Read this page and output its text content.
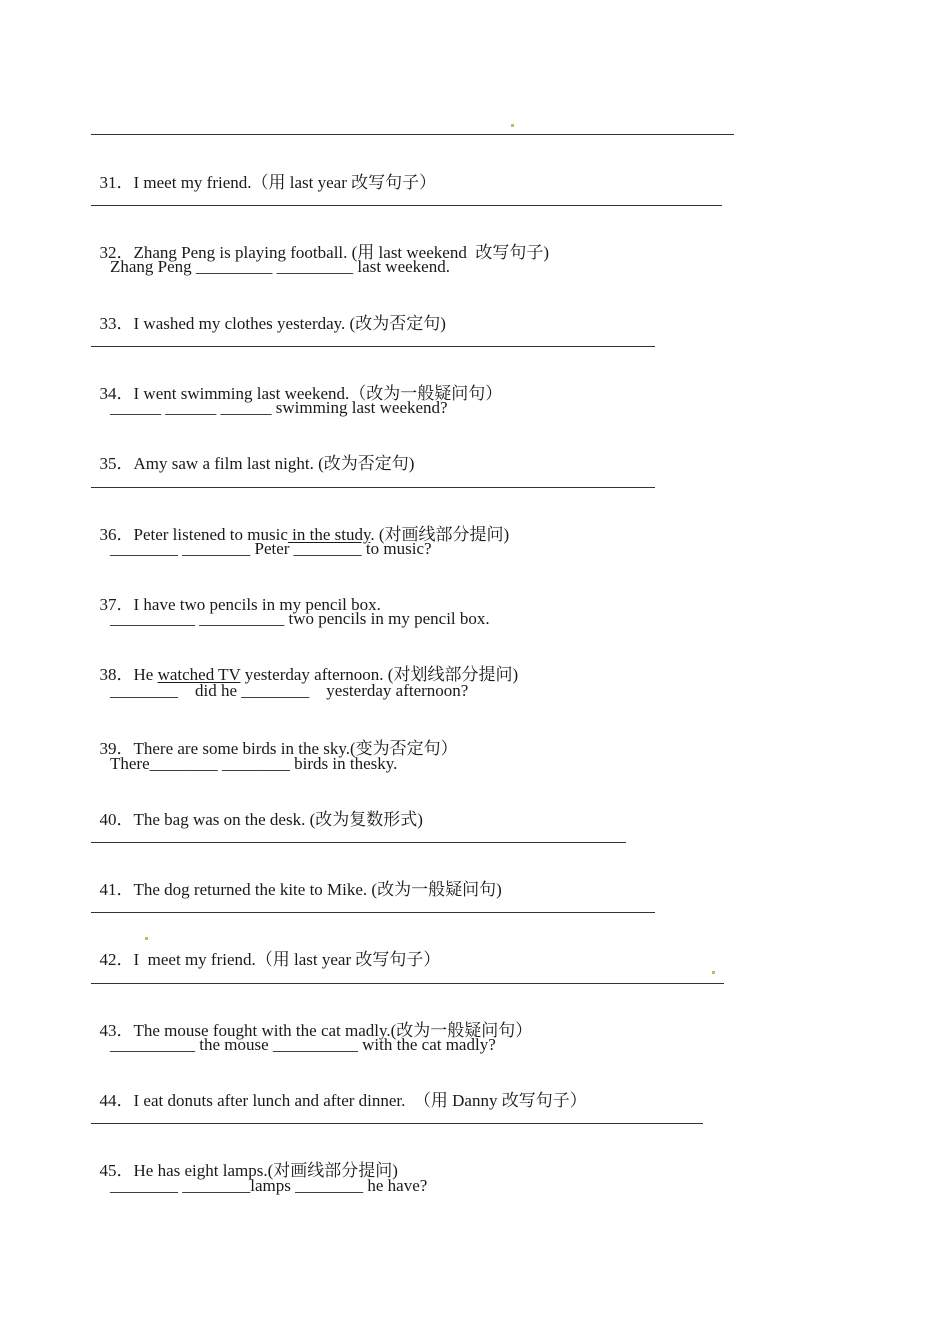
31．I meet my friend.（用 last year 改写句子）

32．Zhang Peng is playing football. (用 last weekend  改写句子)

Zhang Peng _________ _________ last weekend.

33．I washed my clothes yesterday. (改为否定句)

34．I went swimming last weekend.（改为一般疑问句）

______ ______ ______ swimming last weekend?

35．Amy saw a film last night. (改为否定句)

36．Peter listened to music in the study. (对画线部分提问)

________ ________ Peter ________ to music?

37．I have two pencils in my pencil box.

__________ __________ two pencils in my pencil box.

38．He watched TV yesterday afternoon. (对划线部分提问)

________    did he ________    yesterday afternoon?

39．There are some birds in the sky.(变为否定句）

There________ ________ birds in thesky.

40．The bag was on the desk. (改为复数形式)

41．The dog returned the kite to Mike. (改为一般疑问句)

42．I  meet my friend.（用 last year 改写句子）

43．The mouse fought with the cat madly.(改为一般疑问句）

__________ the mouse __________ with the cat madly?

44．I eat donuts after lunch and after dinner.  （用 Danny 改写句子）

45．He has eight lamps.(对画线部分提问)

________ ________lamps ________ he have?
